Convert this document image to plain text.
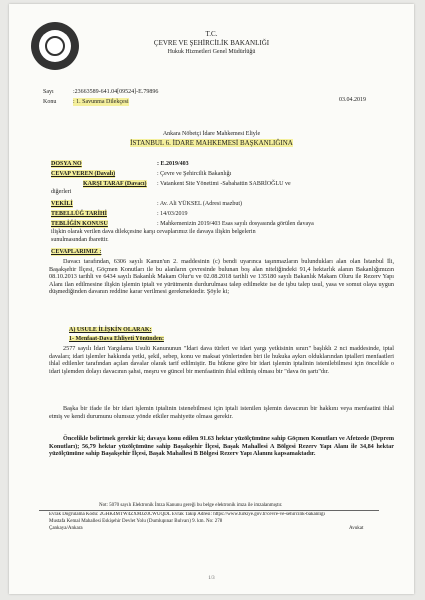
T.C.
ÇEVRE VE ŞEHİRCİLİK BAKANLIĞI
Hukuk Hizmetleri Genel Müdürlüğü
Sayı	:23663589-641.04[09524]-E.79896
Konu	: 1. Savunma Dilekçesi	03.04.2019
Ankara Nöbetçi İdare Mahkemesi Eliyle
İSTANBUL 6. İDARE MAHKEMESİ BAŞKANLIĞINA
DOSYA NO	: E.2019/403
CEVAP VEREN (Davalı)	: Çevre ve Şehircilik Bakanlığı
KARŞI TARAF (Davacı) : Vatankent Site Yönetimi -Sabahattin SABRİOĞLU ve
diğerleri
VEKİLİ	: Av. Ali YÜKSEL (Adresi mazbut)
TEBELLÜĞ TARİHİ	: 14/03/2019
TEBLİĞİN KONUSU	: Mahkemenizin 2019/403 Esas sayılı dosyasında görülen davaya
ilişkin olarak verilen dava dilekçesine karşı cevaplarımız ile davaya ilişkin belgelerin
sunulmasından ibarettir.
CEVAPLARIMIZ :
Davacı tarafından, 6306 sayılı Kanun'un 2. maddesinin (c) bendi uyarınca taşınmazların bulundukları alan olan İstanbul İli, Başakşehir İlçesi, Göçmen Konutları ile bu alanların çevresinde bulunan boş alan niteliğindeki 91,4 hektarlık alanın Bakanlığımızın 08.10.2013 tarihli ve 6434 sayılı Bakanlık Makam Olur'u ve 02.08.2018 tarihli ve 135180 sayılı Bakanlık Makam Oluru ile Rezerv Yapı Alanı ilan edilmesine ilişkin işlemin iptali ve yürütmenin durdurulması talep edilmekte ise de işbu talep usul, yasa ve somut olaya uygun düşmediğinden davanın reddine karar verilmesi gerekmektedir. Şöyle ki;
A) USULE İLİŞKİN OLARAK:
1- Menfaat-Dava Ehliyeti Yönünden:
2577 sayılı İdari Yargılama Usulü Kanununun "İdari dava türleri ve idari yargı yetkisinin sınırı" başlıklı 2 nci maddesinde, iptal davaları; idari işlemler hakkında yetki, şekil, sebep, konu ve maksat yönlerinden biri ile hukuka aykırı olduklarından iptalleri menfaatleri ihlal edilenler tarafından açılan davalar olarak tarif edilmiştir. Bu hükme göre bir idari işlemin iptalinin istenilebilmesi için öncelikle o idari işlemden dolayı davacının şahsi, meşru ve güncel bir menfaatinin ihlal edilmiş olması bir "dava ön şartı"dır.
Başka bir ifade ile bir idari işlemin iptalinin istenebilmesi için iptali istenilen işlemin davacının bir hakkını veya menfaatini ihlal etmiş ve kendi durumunu olumsuz yönde etkiler mahiyette olması gerekir.
Öncelikle belirtmek gerekir ki; davaya konu edilen 91.63 hektar yüzölçümüne sahip Göçmen Konutları ve Afetzede (Deprem Konutları); 56,79 hektar yüzölçümüne sahip Başakşehir İlçesi, Başak Mahallesi A Bölgesi Rezerv Yapı Alanı ile 34,84 hektar yüzölçümüne sahip Başakşehir İlçesi, Başak Mahallesi B Bölgesi Rezerv Yapı Alanını kapsamaktadır.
Not: 5070 sayılı Elektronik İmza Kanunu gereği bu belge elektronik imza ile imzalanmıştır.
Evrak Doğrulama Kodu: 2GHK4MTW4ZXMJZ0CWUQDL Evrak Takip Adresi: https://www.turkiye.gov.tr/cevre-ve-sehircilik-bakanligi
Mustafa Kemal Mahallesi Eskişehir Devlet Yolu (Dumlupınar Bulvarı) 9. km. No: 278
Çankaya/Ankara	Avukat
1/3
